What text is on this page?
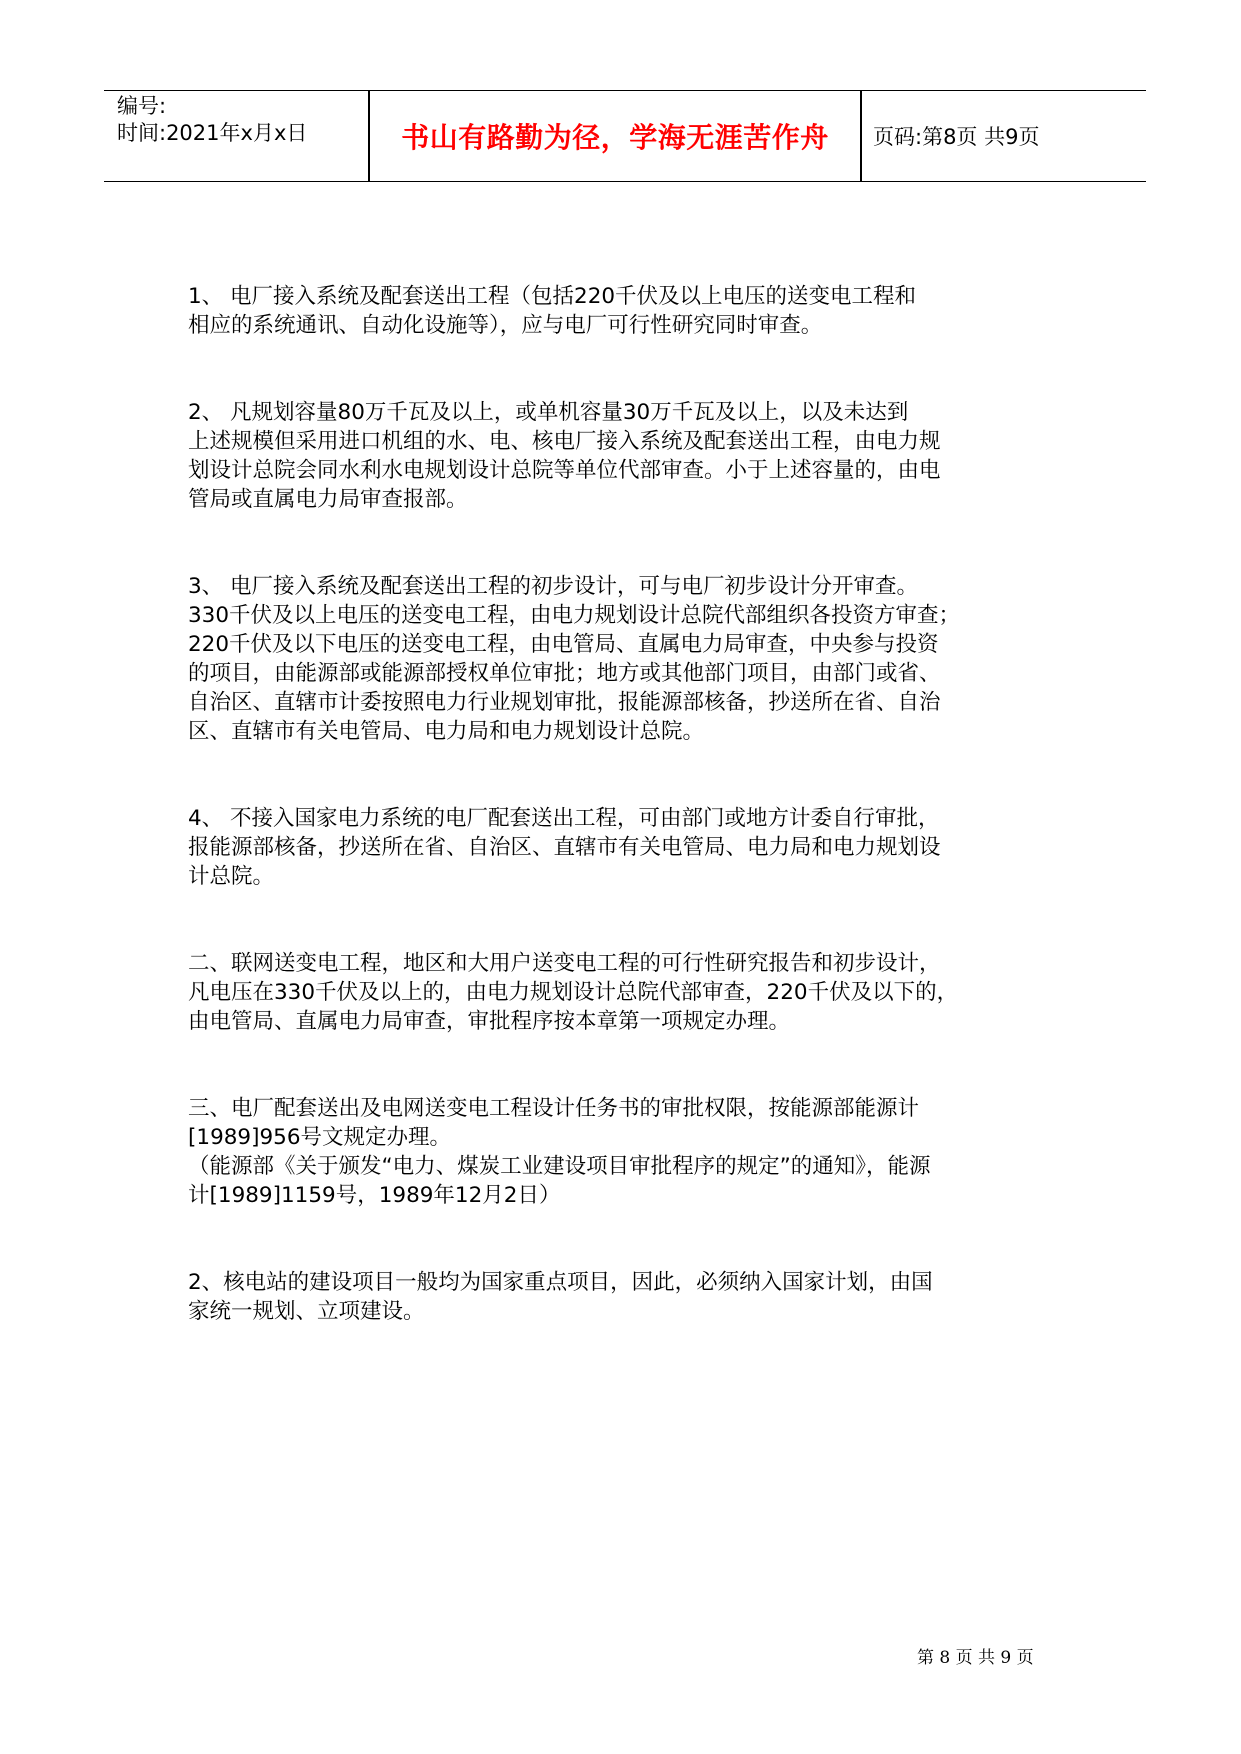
编号:
时间:2021年x月x日	书山有路勤为径，学海无涯苦作舟	页码:第8页 共9页
1、 电厂接入系统及配套送出工程（包括220千伏及以上电压的送变电工程和
相应的系统通讯、自动化设施等），应与电厂可行性研究同时审查。
2、 凡规划容量80万千瓦及以上，或单机容量30万千瓦及以上，以及未达到
上述规模但采用进口机组的水、电、核电厂接入系统及配套送出工程，由电力规
划设计总院会同水利水电规划设计总院等单位代部审查。小于上述容量的，由电
管局或直属电力局审查报部。
3、 电厂接入系统及配套送出工程的初步设计，可与电厂初步设计分开审查。
330千伏及以上电压的送变电工程，由电力规划设计总院代部组织各投资方审查；
220千伏及以下电压的送变电工程，由电管局、直属电力局审查，中央参与投资
的项目，由能源部或能源部授权单位审批；地方或其他部门项目，由部门或省、
自治区、直辖市计委按照电力行业规划审批，报能源部核备，抄送所在省、自治
区、直辖市有关电管局、电力局和电力规划设计总院。
4、 不接入国家电力系统的电厂配套送出工程，可由部门或地方计委自行审批，
报能源部核备，抄送所在省、自治区、直辖市有关电管局、电力局和电力规划设
计总院。
二、联网送变电工程，地区和大用户送变电工程的可行性研究报告和初步设计，
凡电压在330千伏及以上的，由电力规划设计总院代部审查，220千伏及以下的，
由电管局、直属电力局审查，审批程序按本章第一项规定办理。
三、电厂配套送出及电网送变电工程设计任务书的审批权限，按能源部能源计
[1989]956号文规定办理。
（能源部《关于颁发“电力、煤炭工业建设项目审批程序的规定”的通知》，能源
计[1989]1159号，1989年12月2日）
2、核电站的建设项目一般均为国家重点项目，因此，必须纳入国家计划，由国
家统一规划、立项建设。
第 8 页 共 9 页
